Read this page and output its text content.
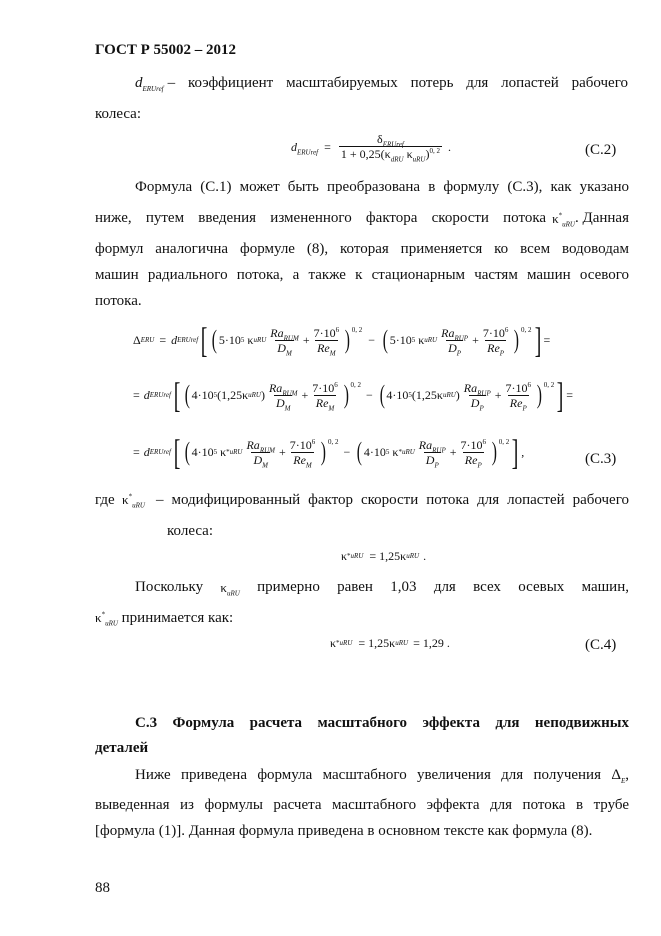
ГОСТ Р 55002 – 2012
$d_{ERUref}$ – коэффициент масштабируемых потерь для лопастей рабочего
колеса:
$d_{ERUref} = \frac{\delta_{ERUref}}{1 + 0,25(\kappa_{dRU} \kappa_{uRU})^{0, 2}}$ .	(С.2)
Формула (С.1) может быть преобразована в формулу (С.3), как указано
ниже, путем введения измененного фактора скорости потока $\kappa^*_{uRU}$ . Данная
формул аналогична формуле (8), которая применяется ко всем водоводам
машин радиального потока, а также к стационарным частям машин осевого
потока.
Δ ERU = d ERUref [ ( 5·10 5 κ uRU $\frac{Ra_{RUM}}{D_M} + \frac{7\cdot 10^6}{Re_M} )^{0, 2}$
− ( 5·10 5 κ uRU $\frac{Ra_{RUP}}{D_P} + \frac{7\cdot 10^6}{Re_P} )^{0, 2}$ ] =
= d ERUref [ ( 4·10 5 (1,25κ uRU ) $\frac{Ra_{RUM}}{D_M} + \frac{7\cdot 10^6}{Re_M} )^{0, 2}$
− ( 4·10 5 (1,25κ uRU ) $\frac{Ra_{RUP}}{D_P} + \frac{7\cdot 10^6}{Re_P} )^{0, 2}$ ] =
= d ERUref [ ( 4·10 5 κ * uRU $\frac{Ra_{RUM}}{D_M} + \frac{7\cdot 10^6}{Re_M} )^{0, 2}$
− ( 4·10 5 κ * uRU $\frac{Ra_{RUP}}{D_P} + \frac{7\cdot 10^6}{Re_P} )^{0, 2}$ ] ,	(С.3)
где $\kappa^*_{uRU}$ – модифицированный фактор скорости потока для лопастей рабочего
колеса:
κ * uRU = 1,25κ uRU .
Поскольку $\kappa_{uRU}$ примерно равен 1,03 для всех осевых машин,
$\kappa^*_{uRU}$ принимается как:
κ * uRU = 1,25κ uRU = 1,29 .	(С.4)
С.3 Формула расчета масштабного эффекта для неподвижных
деталей
Ниже приведена формула масштабного увеличения для получения Δ $_E$,
выведенная из формулы расчета масштабного эффекта для потока в трубе
[формула (1)]. Данная формула приведена в основном тексте как формула (8).
88
